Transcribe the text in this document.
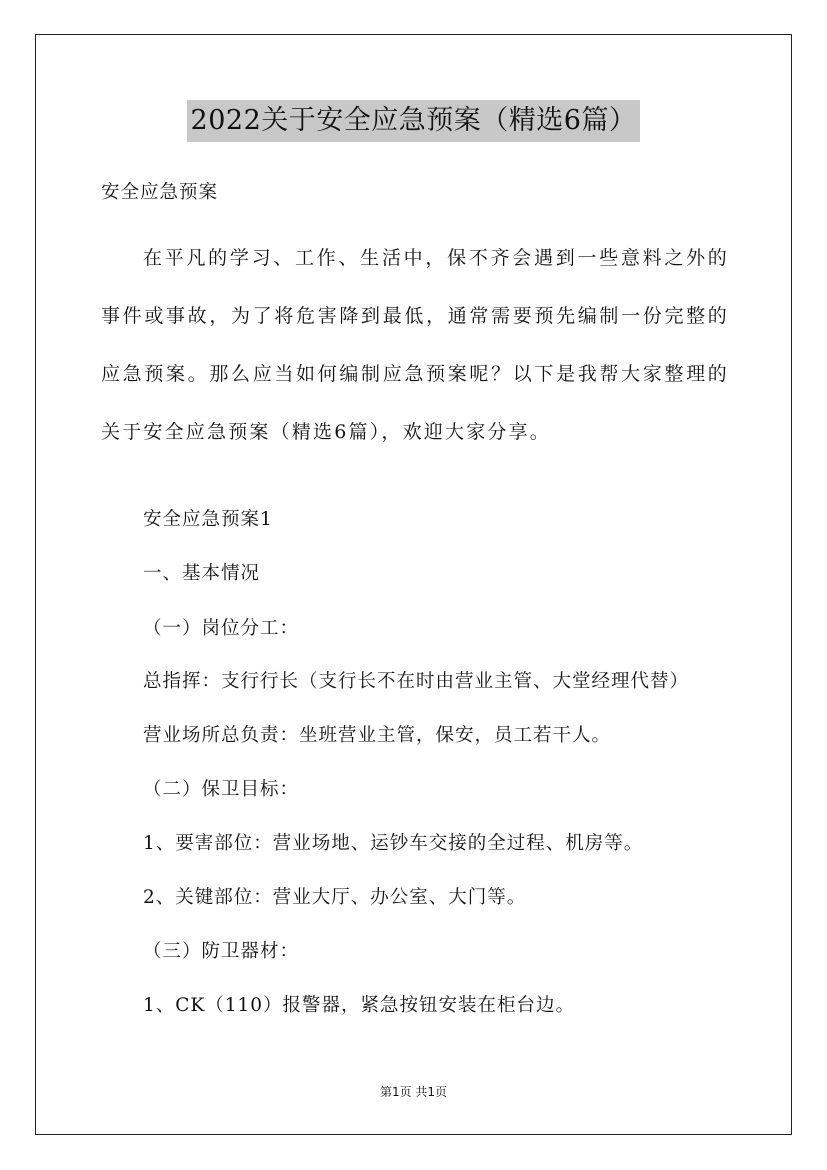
2022关于安全应急预案（精选6篇）
安全应急预案

在平凡的学习、工作、生活中，保不齐会遇到一些意料之外的事件或事故，为了将危害降到最低，通常需要预先编制一份完整的应急预案。那么应当如何编制应急预案呢？以下是我帮大家整理的关于安全应急预案（精选6篇），欢迎大家分享。

安全应急预案1
一、基本情况
（一）岗位分工：
总指挥：支行行长（支行长不在时由营业主管、大堂经理代替）
营业场所总负责：坐班营业主管，保安，员工若干人。
（二）保卫目标：
1、要害部位：营业场地、运钞车交接的全过程、机房等。
2、关键部位：营业大厅、办公室、大门等。
（三）防卫器材：
1、CK（110）报警器，紧急按钮安装在柜台边。
第1页 共1页
